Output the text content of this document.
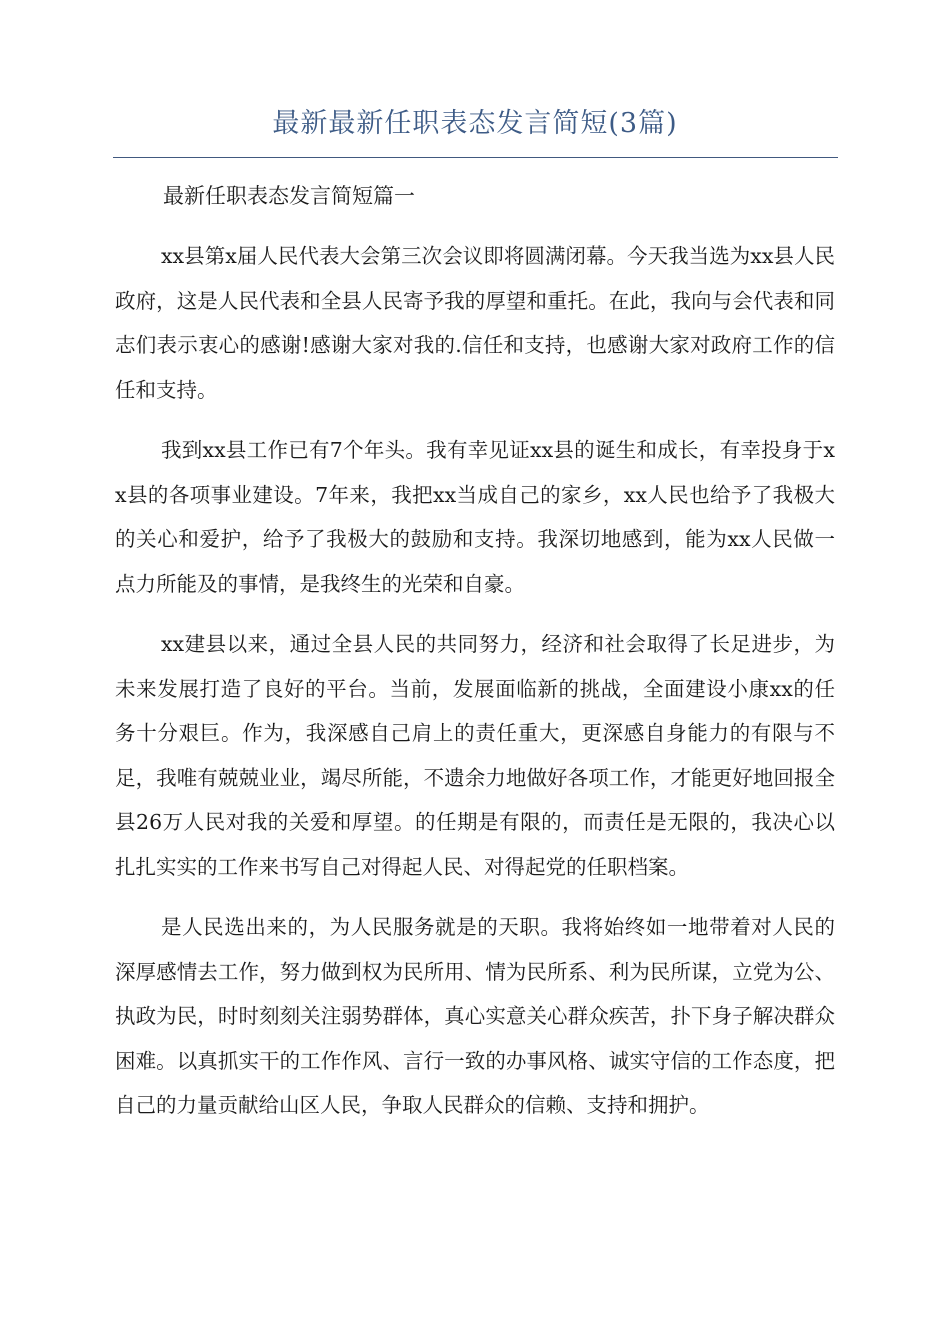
最新最新任职表态发言简短(3篇)

最新任职表态发言简短篇一

xx县第x届人民代表大会第三次会议即将圆满闭幕。今天我当选为xx县人民政府，这是人民代表和全县人民寄予我的厚望和重托。在此，我向与会代表和同志们表示衷心的感谢!感谢大家对我的.信任和支持，也感谢大家对政府工作的信任和支持。

我到xx县工作已有7个年头。我有幸见证xx县的诞生和成长，有幸投身于xx县的各项事业建设。7年来，我把xx当成自己的家乡，xx人民也给予了我极大的关心和爱护，给予了我极大的鼓励和支持。我深切地感到，能为xx人民做一点力所能及的事情，是我终生的光荣和自豪。

xx建县以来，通过全县人民的共同努力，经济和社会取得了长足进步，为未来发展打造了良好的平台。当前，发展面临新的挑战，全面建设小康xx的任务十分艰巨。作为，我深感自己肩上的责任重大，更深感自身能力的有限与不足，我唯有兢兢业业，竭尽所能，不遗余力地做好各项工作，才能更好地回报全县26万人民对我的关爱和厚望。的任期是有限的，而责任是无限的，我决心以扎扎实实的工作来书写自己对得起人民、对得起党的任职档案。

是人民选出来的，为人民服务就是的天职。我将始终如一地带着对人民的深厚感情去工作，努力做到权为民所用、情为民所系、利为民所谋，立党为公、执政为民，时时刻刻关注弱势群体，真心实意关心群众疾苦，扑下身子解决群众困难。以真抓实干的工作作风、言行一致的办事风格、诚实守信的工作态度，把自己的力量贡献给山区人民，争取人民群众的信赖、支持和拥护。
